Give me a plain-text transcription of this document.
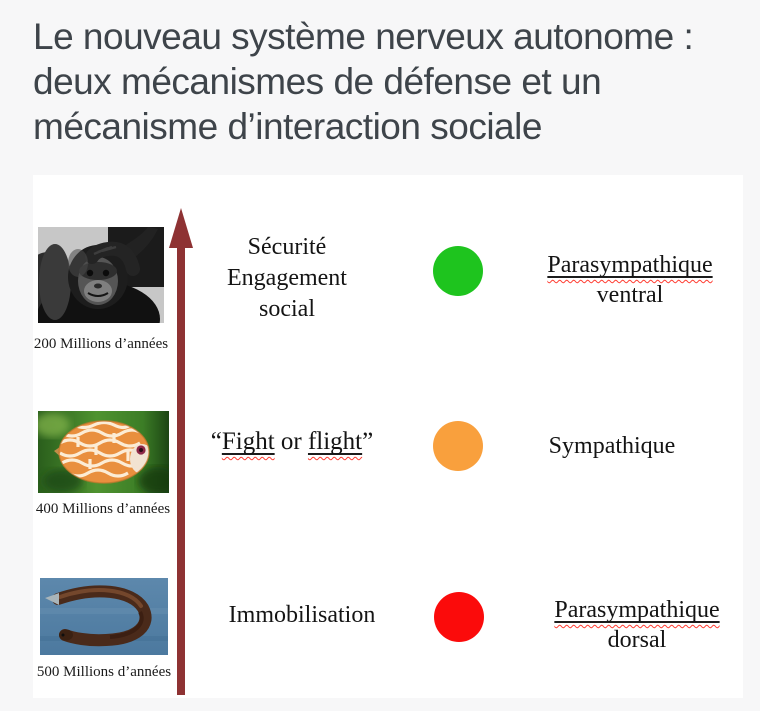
Le nouveau système nerveux autonome :
deux mécanismes de défense et un
mécanisme d’interaction sociale
200 Millions d’années
Sécurité
Engagement
social
Parasympathique
ventral
400 Millions d’années
“Fight or flight”	Sympathique
500 Millions d’années
Immobilisation	Parasympathique
dorsal
